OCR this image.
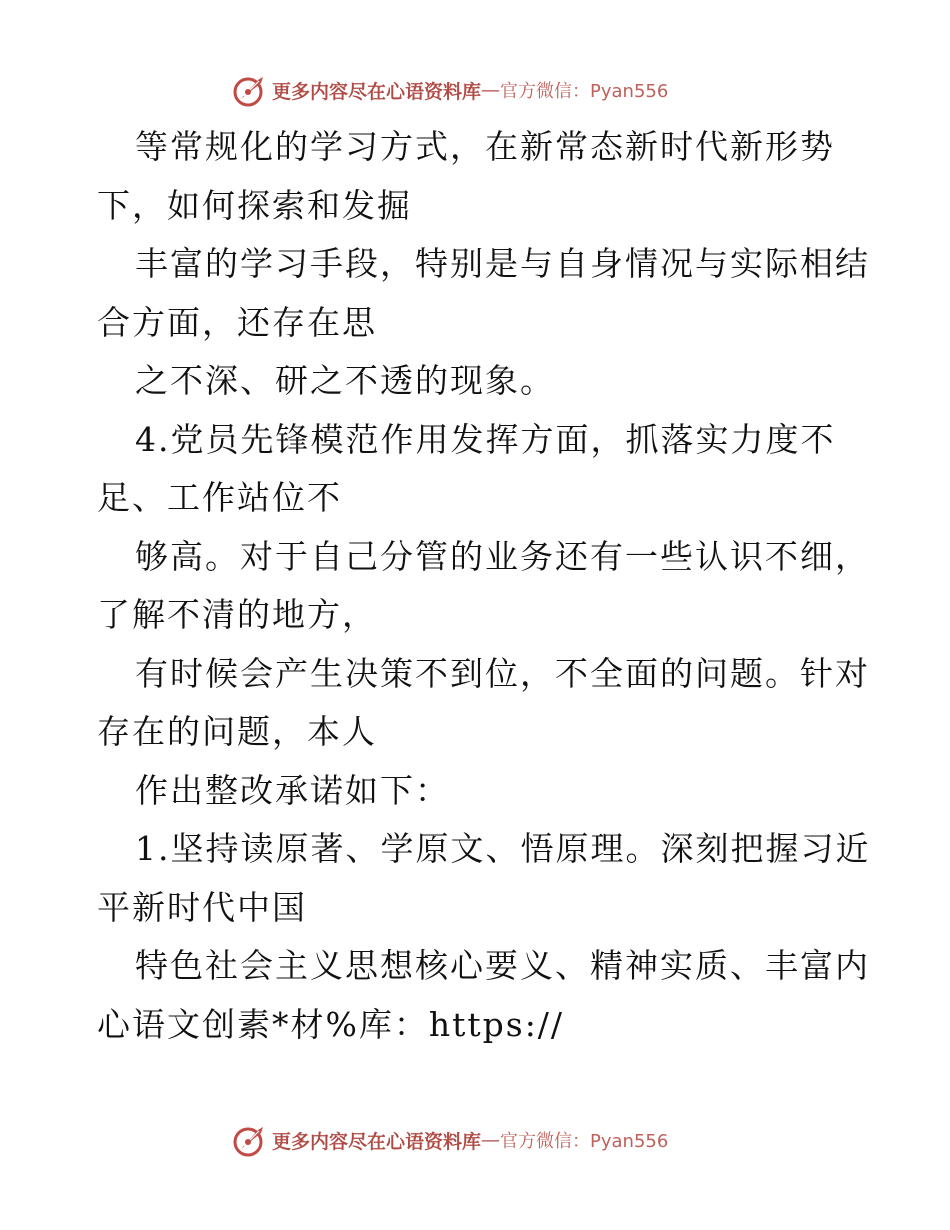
更多内容尽在心语资料库 — 官方微信：Pyan556
等常规化的学习方式，在新常态新时代新形势
下，如何探索和发掘
丰富的学习手段，特别是与自身情况与实际相结
合方面，还存在思
之不深、研之不透的现象。
4.党员先锋模范作用发挥方面，抓落实力度不
足、工作站位不
够高。对于自己分管的业务还有一些认识不细，
了解不清的地方，
有时候会产生决策不到位，不全面的问题。针对
存在的问题，本人
作出整改承诺如下：
1.坚持读原著、学原文、悟原理。深刻把握习近
平新时代中国
特色社会主义思想核心要义、精神实质、丰富内
心语文创素*材%库：https://
更多内容尽在心语资料库 — 官方微信：Pyan556
